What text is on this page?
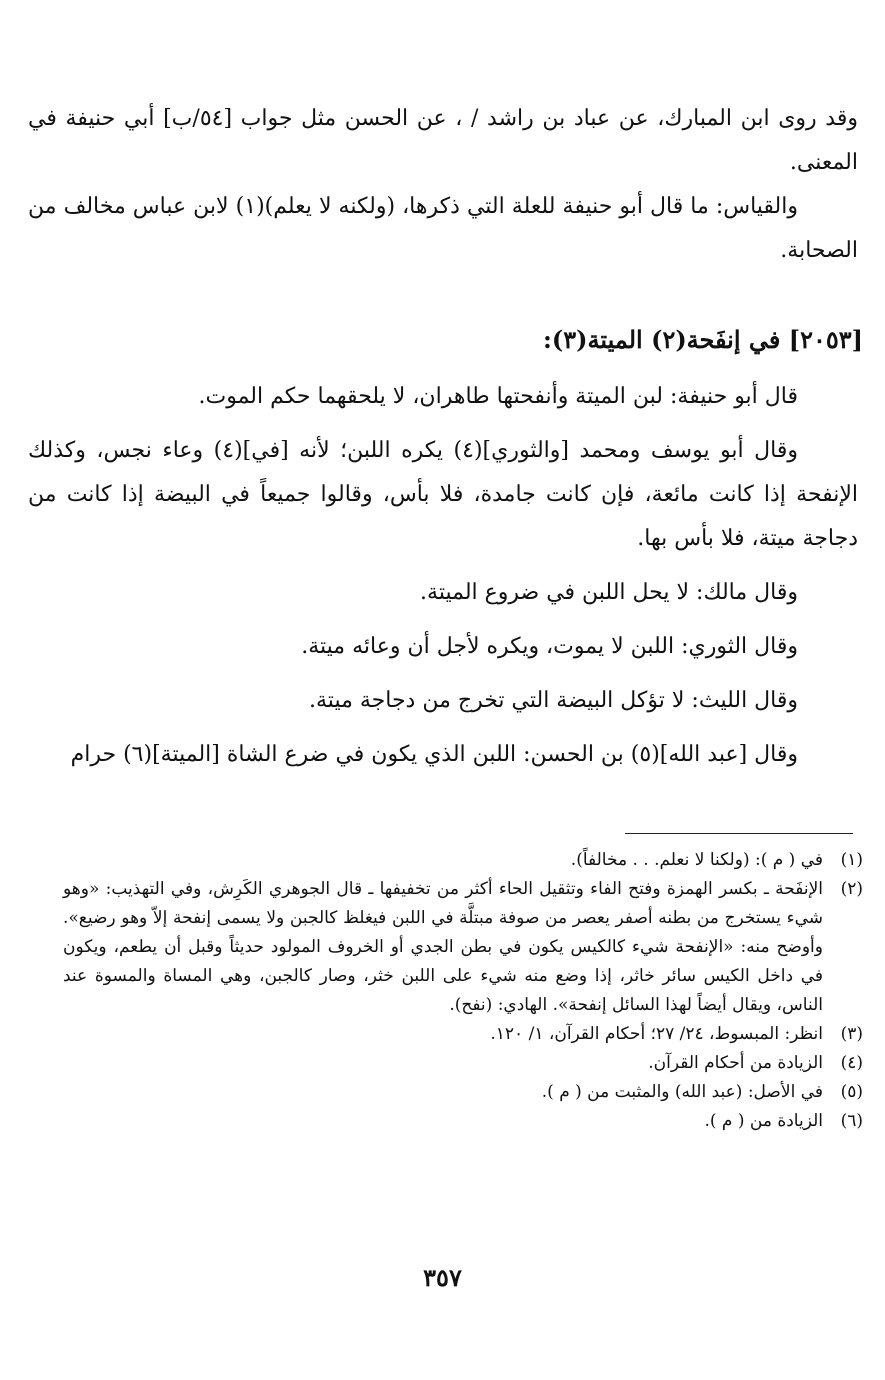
وقد روى ابن المبارك، عن عباد بن راشد / ، عن الحسن مثل جواب [٥٤/ب] أبي حنيفة في المعنى.

والقياس: ما قال أبو حنيفة للعلة التي ذكرها، (ولكنه لا يعلم)(١) لابن عباس مخالف من الصحابة.

[٢٠٥٣] في إنفَحة(٢) الميتة(٣):

قال أبو حنيفة: لبن الميتة وأنفحتها طاهران، لا يلحقهما حكم الموت.

وقال أبو يوسف ومحمد [والثوري](٤) يكره اللبن؛ لأنه [في](٤) وعاء نجس، وكذلك الإنفحة إذا كانت مائعة، فإن كانت جامدة، فلا بأس، وقالوا جميعاً في البيضة إذا كانت من دجاجة ميتة، فلا بأس بها.

وقال مالك: لا يحل اللبن في ضروع الميتة.

وقال الثوري: اللبن لا يموت، ويكره لأجل أن وعائه ميتة.

وقال الليث: لا تؤكل البيضة التي تخرج من دجاجة ميتة.

وقال [عبد الله](٥) بن الحسن: اللبن الذي يكون في ضرع الشاة [الميتة](٦) حرام

(١)
في ( م ): (ولكنا لا نعلم. . . مخالفاً).
(٢)
الإنفَحة ـ بكسر الهمزة وفتح الفاء وتثقيل الحاء أكثر من تخفيفها ـ قال الجوهري الكَرِش، وفي التهذيب: «وهو شيء يستخرج من بطنه أصفر يعصر من صوفة مبتلَّة في اللبن فيغلظ كالجبن ولا يسمى إنفحة إلاّ وهو رضيع». وأوضح منه: «الإنفحة شيء كالكيس يكون في بطن الجدي أو الخروف المولود حديثاً وقبل أن يطعم، ويكون في داخل الكيس سائر خاثر، إذا وضع منه شيء على اللبن خثر، وصار كالجبن، وهي المساة والمسوة عند الناس، ويقال أيضاً لهذا السائل إنفحة». الهادي: (نفح).
(٣)
انظر: المبسوط، ٢٤/ ٢٧؛ أحكام القرآن، ١/ ١٢٠.
(٤)
الزيادة من أحكام القرآن.
(٥)
في الأصل: (عبد الله) والمثبت من ( م ).
(٦)
الزيادة من ( م ).
٣٥٧
